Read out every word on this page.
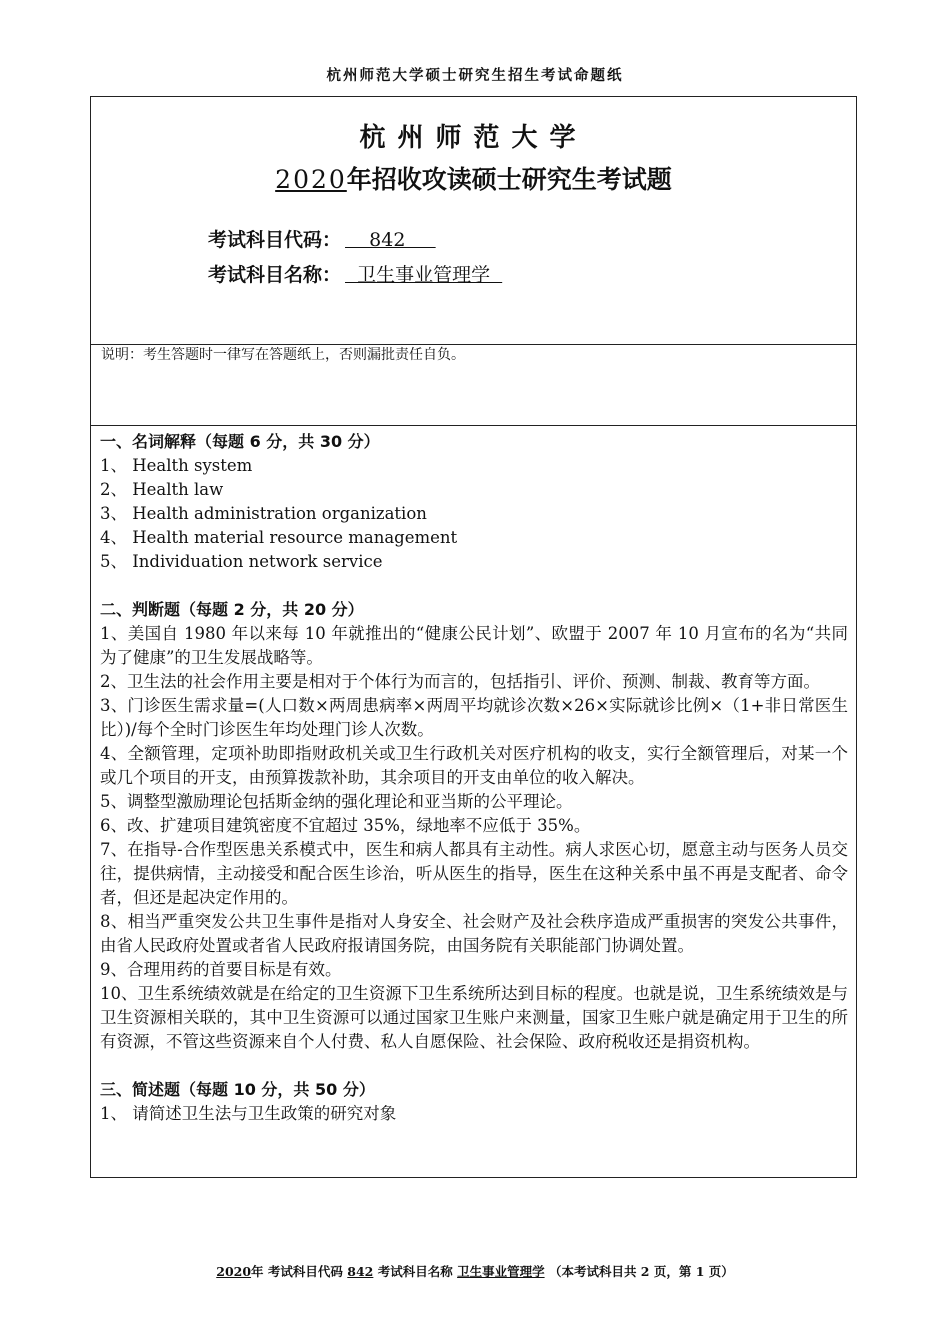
杭州师范大学硕士研究生招生考试命题纸
杭州师范大学
2020年招收攻读硕士研究生考试题
考试科目代码：    842
考试科目名称：  卫生事业管理学
说明：考生答题时一律写在答题纸上，否则漏批责任自负。
一、名词解释（每题 6 分，共 30 分）
1、 Health system
2、 Health law
3、 Health administration organization
4、 Health material resource management
5、 Individuation network service
二、判断题（每题 2 分，共 20 分）

1、美国自 1980 年以来每 10 年就推出的“健康公民计划”、欧盟于 2007 年 10 月宣布的名为“共同为了健康”的卫生发展战略等。

2、卫生法的社会作用主要是相对于个体行为而言的，包括指引、评价、预测、制裁、教育等方面。

3、门诊医生需求量=(人口数×两周患病率×两周平均就诊次数×26×实际就诊比例×（1+非日常医生比）)/每个全时门诊医生年均处理门诊人次数。

4、全额管理，定项补助即指财政机关或卫生行政机关对医疗机构的收支，实行全额管理后，对某一个或几个项目的开支，由预算拨款补助，其余项目的开支由单位的收入解决。

5、调整型激励理论包括斯金纳的强化理论和亚当斯的公平理论。

6、改、扩建项目建筑密度不宜超过 35%，绿地率不应低于 35%。

7、在指导-合作型医患关系模式中，医生和病人都具有主动性。病人求医心切，愿意主动与医务人员交往，提供病情，主动接受和配合医生诊治，听从医生的指导，医生在这种关系中虽不再是支配者、命令者，但还是起决定作用的。

8、相当严重突发公共卫生事件是指对人身安全、社会财产及社会秩序造成严重损害的突发公共事件，由省人民政府处置或者省人民政府报请国务院，由国务院有关职能部门协调处置。

9、合理用药的首要目标是有效。

10、卫生系统绩效就是在给定的卫生资源下卫生系统所达到目标的程度。也就是说，卫生系统绩效是与卫生资源相关联的，其中卫生资源可以通过国家卫生账户来测量，国家卫生账户就是确定用于卫生的所有资源，不管这些资源来自个人付费、私人自愿保险、社会保险、政府税收还是捐资机构。

三、简述题（每题 10 分，共 50 分）
1、 请简述卫生法与卫生政策的研究对象
2020年 考试科目代码 842 考试科目名称 卫生事业管理学 （本考试科目共 2 页，第 1 页）
